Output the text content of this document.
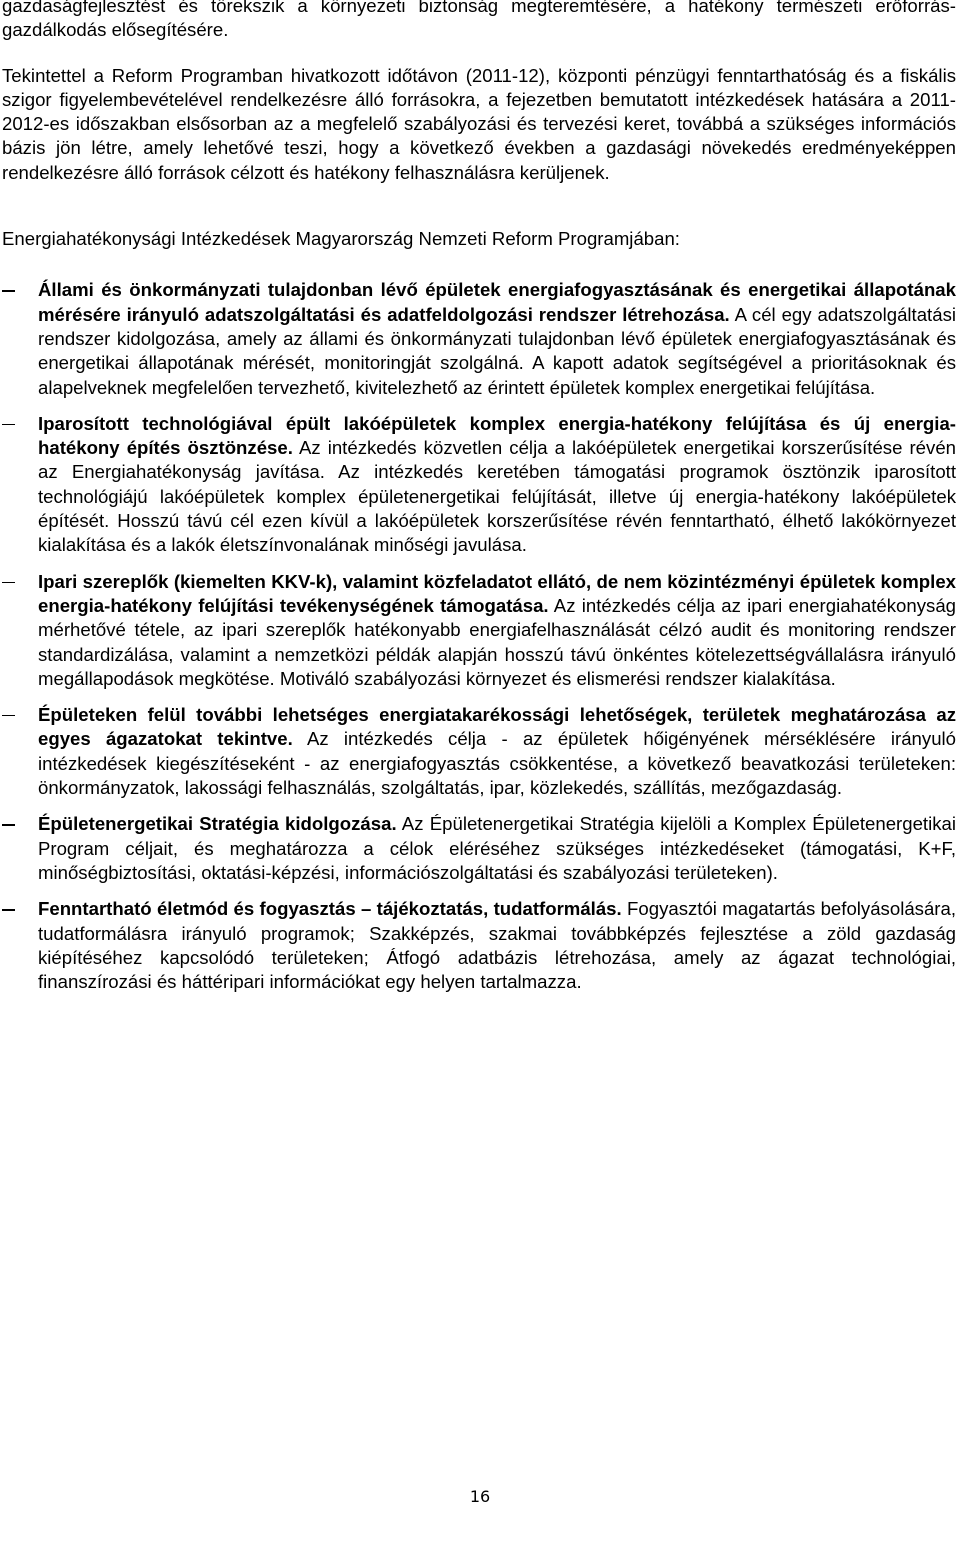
gazdaságfejlesztést és törekszik a környezeti biztonság megteremtésére, a hatékony természeti erőforrás-gazdálkodás elősegítésére.

Tekintettel a Reform Programban hivatkozott időtávon (2011-12), központi pénzügyi fenntarthatóság és a fiskális szigor figyelembevételével rendelkezésre álló forrásokra, a fejezetben bemutatott intézkedések hatására a 2011-2012-es időszakban elsősorban az a megfelelő szabályozási és tervezési keret, továbbá a szükséges információs bázis jön létre, amely lehetővé teszi, hogy a következő években a gazdasági növekedés eredményeképpen rendelkezésre álló források célzott és hatékony felhasználásra kerüljenek.

Energiahatékonysági Intézkedések Magyarország Nemzeti Reform Programjában:

Állami és önkormányzati tulajdonban lévő épületek energiafogyasztásának és energetikai állapotának mérésére irányuló adatszolgáltatási és adatfeldolgozási rendszer létrehozása. A cél egy adatszolgáltatási rendszer kidolgozása, amely az állami és önkormányzati tulajdonban lévő épületek energiafogyasztásának és energetikai állapotának mérését, monitoringját szolgálná. A kapott adatok segítségével a prioritásoknak és alapelveknek megfelelően tervezhető, kivitelezhető az érintett épületek komplex energetikai felújítása.
Iparosított technológiával épült lakóépületek komplex energia-hatékony felújítása és új energia-hatékony építés ösztönzése. Az intézkedés közvetlen célja a lakóépületek energetikai korszerűsítése révén az Energiahatékonyság javítása. Az intézkedés keretében támogatási programok ösztönzik iparosított technológiájú lakóépületek komplex épületenergetikai felújítását, illetve új energia-hatékony lakóépületek építését. Hosszú távú cél ezen kívül a lakóépületek korszerűsítése révén fenntartható, élhető lakókörnyezet kialakítása és a lakók életszínvonalának minőségi javulása.
Ipari szereplők (kiemelten KKV-k), valamint közfeladatot ellátó, de nem közintézményi épületek komplex energia-hatékony felújítási tevékenységének támogatása. Az intézkedés célja az ipari energiahatékonyság mérhetővé tétele, az ipari szereplők hatékonyabb energiafelhasználását célzó audit és monitoring rendszer standardizálása, valamint a nemzetközi példák alapján hosszú távú önkéntes kötelezettségvállalásra irányuló megállapodások megkötése. Motiváló szabályozási környezet és elismerési rendszer kialakítása.
Épületeken felül további lehetséges energiatakarékossági lehetőségek, területek meghatározása az egyes ágazatokat tekintve. Az intézkedés célja - az épületek hőigényének mérséklésére irányuló intézkedések kiegészítéseként - az energiafogyasztás csökkentése, a következő beavatkozási területeken: önkormányzatok, lakossági felhasználás, szolgáltatás, ipar, közlekedés, szállítás, mezőgazdaság.
Épületenergetikai Stratégia kidolgozása. Az Épületenergetikai Stratégia kijelöli a Komplex Épületenergetikai Program céljait, és meghatározza a célok eléréséhez szükséges intézkedéseket (támogatási, K+F, minőségbiztosítási, oktatási-képzési, információszolgáltatási és szabályozási területeken).
Fenntartható életmód és fogyasztás – tájékoztatás, tudatformálás. Fogyasztói magatartás befolyásolására, tudatformálásra irányuló programok; Szakképzés, szakmai továbbképzés fejlesztése a zöld gazdaság kiépítéséhez kapcsolódó területeken; Átfogó adatbázis létrehozása, amely az ágazat technológiai, finanszírozási és háttéripari információkat egy helyen tartalmazza.
16
